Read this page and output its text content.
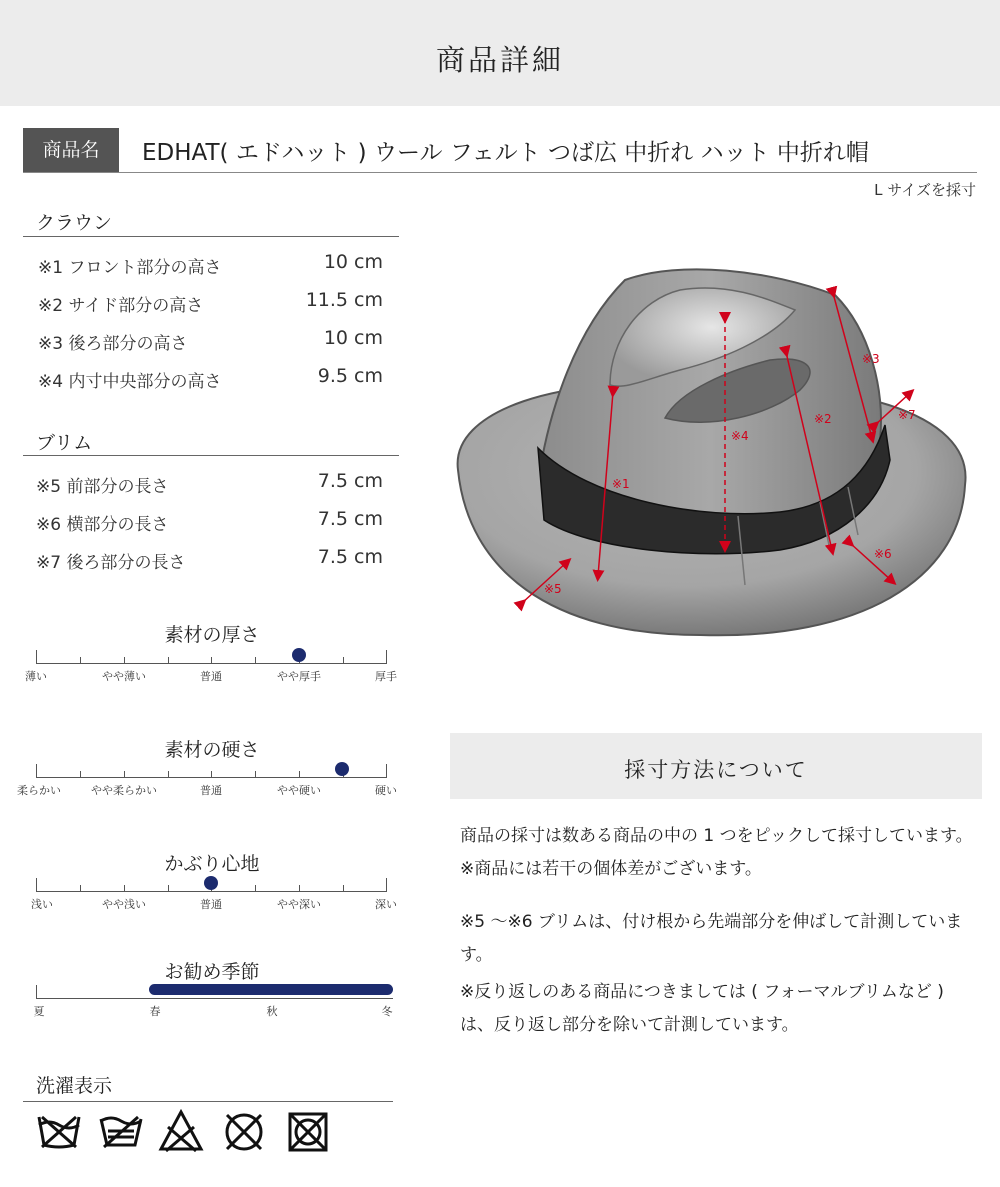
商品詳細
商品名	EDHAT( エドハット ) ウール フェルト つば広 中折れ ハット 中折れ帽
L サイズを採寸
クラウン
※1 フロント部分の高さ	10 cm
※2 サイド部分の高さ	11.5 cm
※3 後ろ部分の高さ	10 cm
※4 内寸中央部分の高さ	9.5 cm
ブリム
※5 前部分の長さ	7.5 cm
※6 横部分の長さ	7.5 cm
※7 後ろ部分の長さ	7.5 cm
素材の厚さ
薄い	やや薄い	普通	やや厚手	厚手
素材の硬さ
柔らかい	やや柔らかい	普通	やや硬い	硬い
かぶり心地
浅い	やや浅い	普通	やや深い	深い
お勧め季節
夏	春	秋	冬
洗濯表示
※1
※2
※3
※4
※5
※6
※7
採寸方法について
商品の採寸は数ある商品の中の 1 つをピックして採寸しています。 ※商品には若干の個体差がございます。
※5 ～※6 ブリムは、付け根から先端部分を伸ばして計測しています。
※反り返しのある商品につきましては ( フォーマルブリムなど ) は、反り返し部分を除いて計測しています。
